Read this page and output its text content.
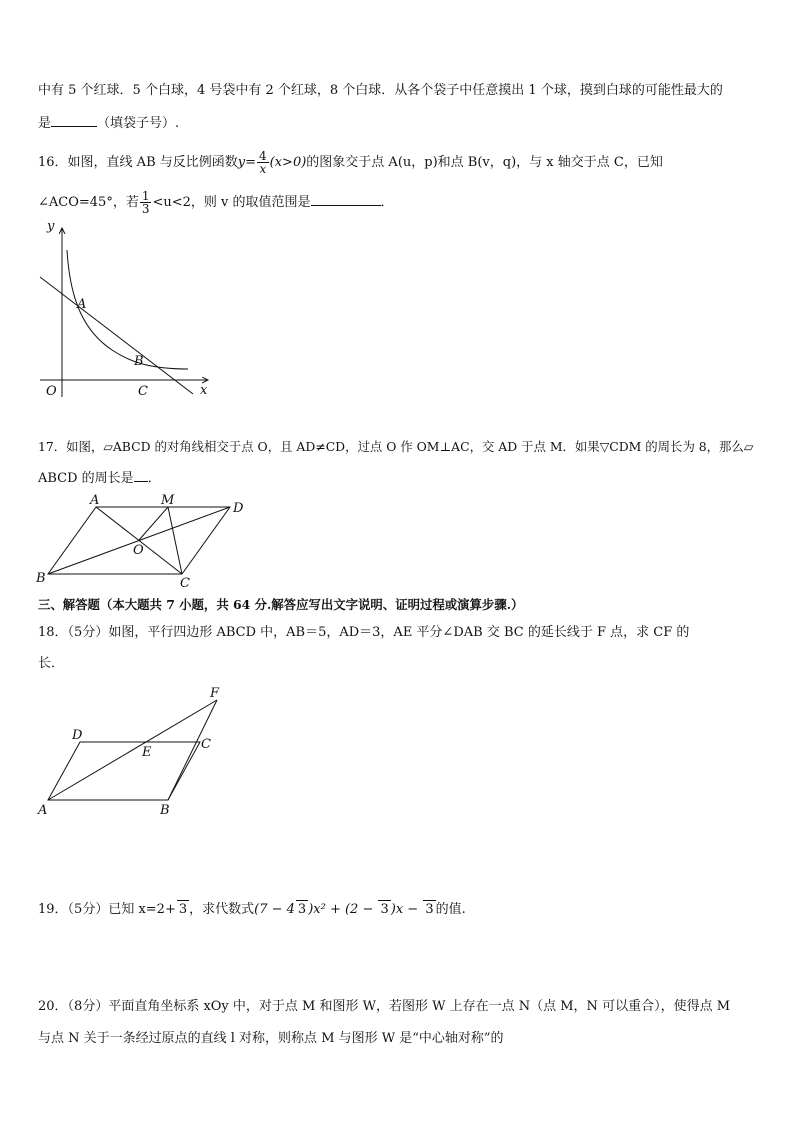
中有 5 个红球．5 个白球，4 号袋中有 2 个红球，8 个白球．从各个袋子中任意摸出 1 个球，摸到白球的可能性最大的
是	（填袋子号）.
16．如图，直线 AB 与反比例函数$y= \frac{4}{x} (x>0)$的图象交于点 A(u，p)和点 B(v，q)，与 x 轴交于点 C，已知
∠ACO=45°，若 $\frac{1}{3} <u<2$，则 v 的取值范围是	．
y
x
O
A
B
C
17．如图，▱ABCD 的对角线相交于点 O，且 AD≠CD，过点 O 作 OM⊥AC，交 AD 于点 M．如果▽CDM 的周长为 8，那么▱
ABCD 的周长是 ．
A	M
D
O
B	C
三、解答题（本大题共 7 小题，共 64 分.解答应写出文字说明、证明过程或演算步骤.）
18．（5分）如图，平行四边形 ABCD 中，AB＝5，AD＝3，AE 平分∠DAB 交 BC 的延长线于 F 点，求 CF 的
长．
F
D
E
C
A	B
19．（5分）已知 x=2+ 3 ，求代数式(7 − 4 3 )x² + (2 − 3 )x − 3 的值.
20．（8分）平面直角坐标系 xOy 中，对于点 M 和图形 W，若图形 W 上存在一点 N（点 M，N 可以重合），使得点 M
与点 N 关于一条经过原点的直线 l 对称，则称点 M 与图形 W 是“中心轴对称”的
